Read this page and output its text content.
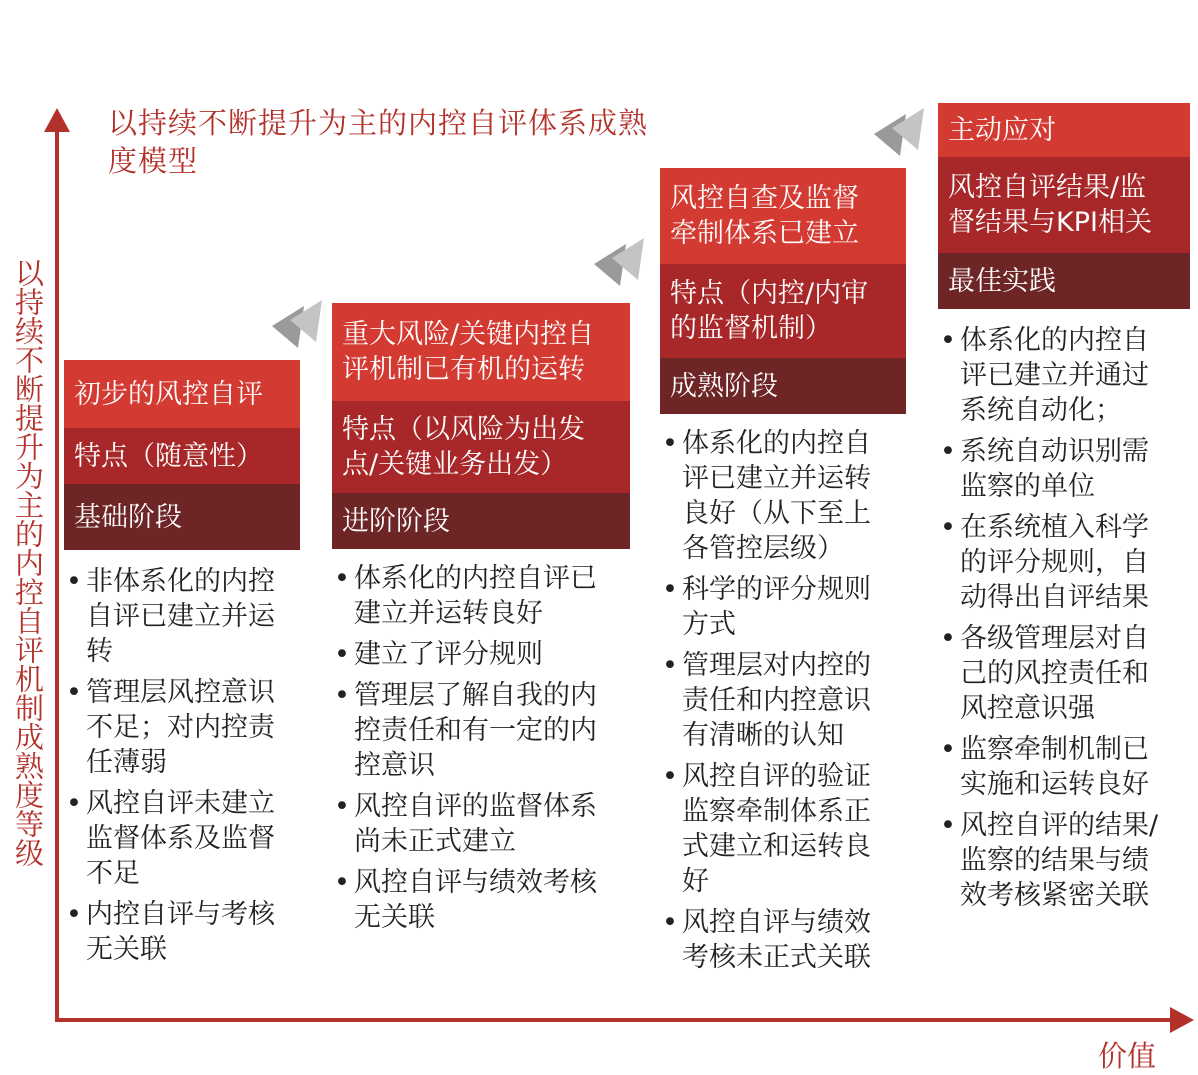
以持续不断提升为主的内控自评体系成熟度模型
以持续不断提升为主的内控自评机制成熟度等级
价值
初步的风控自评
特点（随意性）
基础阶段
• 非体系化的内控
自评已建立并运
转
• 管理层风控意识
不足；对内控责
任薄弱
• 风控自评未建立
监督体系及监督
不足
• 内控自评与考核
无关联
重大风险/关键内控自
评机制已有机的运转
特点（以风险为出发
点/关键业务出发）
进阶阶段
• 体系化的内控自评已
建立并运转良好
• 建立了评分规则
• 管理层了解自我的内
控责任和有一定的内
控意识
• 风控自评的监督体系
尚未正式建立
• 风控自评与绩效考核
无关联
风控自查及监督
牵制体系已建立
特点（内控/内审
的监督机制）
成熟阶段
• 体系化的内控自
评已建立并运转
良好（从下至上
各管控层级）
• 科学的评分规则
方式
• 管理层对内控的
责任和内控意识
有清晰的认知
• 风控自评的验证
监察牵制体系正
式建立和运转良
好
• 风控自评与绩效
考核未正式关联
主动应对
风控自评结果/监
督结果与KPI相关
最佳实践
• 体系化的内控自
评已建立并通过
系统自动化；
• 系统自动识别需
监察的单位
• 在系统植入科学
的评分规则，自
动得出自评结果
• 各级管理层对自
己的风控责任和
风控意识强
• 监察牵制机制已
实施和运转良好
• 风控自评的结果/
监察的结果与绩
效考核紧密关联
